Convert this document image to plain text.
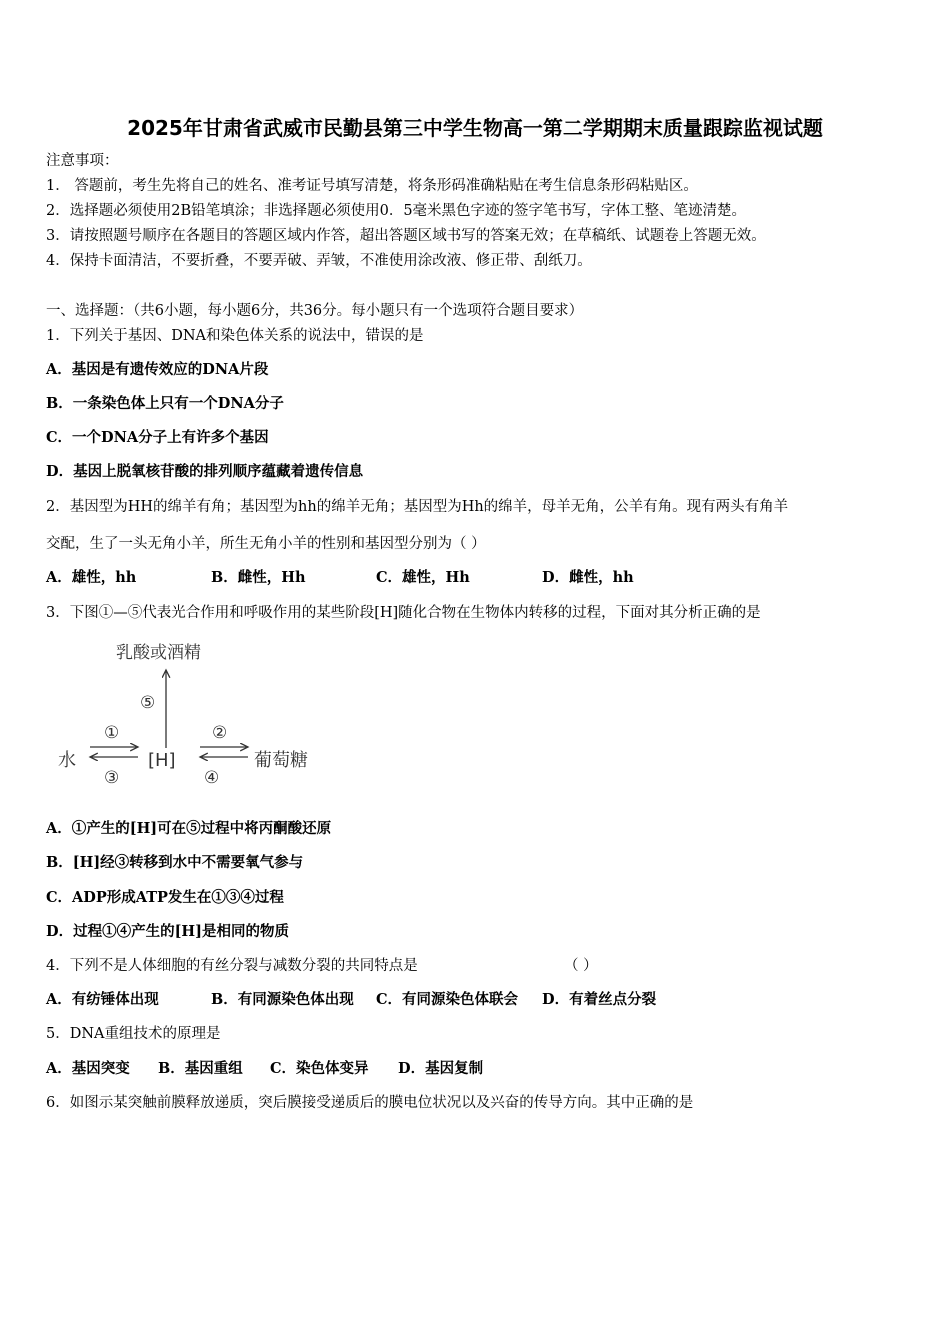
2025年甘肃省武威市民勤县第三中学生物高一第二学期期末质量跟踪监视试题
注意事项：
1． 答题前，考生先将自己的姓名、准考证号填写清楚，将条形码准确粘贴在考生信息条形码粘贴区。
2．选择题必须使用2B铅笔填涂；非选择题必须使用0．5毫米黑色字迹的签字笔书写，字体工整、笔迹清楚。
3．请按照题号顺序在各题目的答题区域内作答，超出答题区域书写的答案无效；在草稿纸、试题卷上答题无效。
4．保持卡面清洁，不要折叠，不要弄破、弄皱，不准使用涂改液、修正带、刮纸刀。
一、选择题：（共6小题，每小题6分，共36分。每小题只有一个选项符合题目要求）
1．下列关于基因、DNA和染色体关系的说法中，错误的是
A．基因是有遗传效应的DNA片段
B．一条染色体上只有一个DNA分子
C．一个DNA分子上有许多个基因
D．基因上脱氧核苷酸的排列顺序蕴藏着遗传信息
2．基因型为HH的绵羊有角；基因型为hh的绵羊无角；基因型为Hh的绵羊，母羊无角，公羊有角。现有两头有角羊
交配，生了一头无角小羊，所生无角小羊的性别和基因型分别为（ ）
A．雄性，hh	B．雌性，Hh	C．雄性，Hh	D．雌性，hh
3．下图①—⑤代表光合作用和呼吸作用的某些阶段[H]随化合物在生物体内转移的过程，下面对其分析正确的是
乳酸或酒精
⑤
水	[H]	葡萄糖
①
③
②
④
A．①产生的[H]可在⑤过程中将丙酮酸还原
B．[H]经③转移到水中不需要氧气参与
C．ADP形成ATP发生在①③④过程
D．过程①④产生的[H]是相同的物质
4．下列不是人体细胞的有丝分裂与减数分裂的共同特点是	（ ）
A．有纺锤体出现	B．有同源染色体出现 C．有同源染色体联会 D．有着丝点分裂
5．DNA重组技术的原理是
A．基因突变 B．基因重组 C．染色体变异 D．基因复制
6．如图示某突触前膜释放递质，突后膜接受递质后的膜电位状况以及兴奋的传导方向。其中正确的是
